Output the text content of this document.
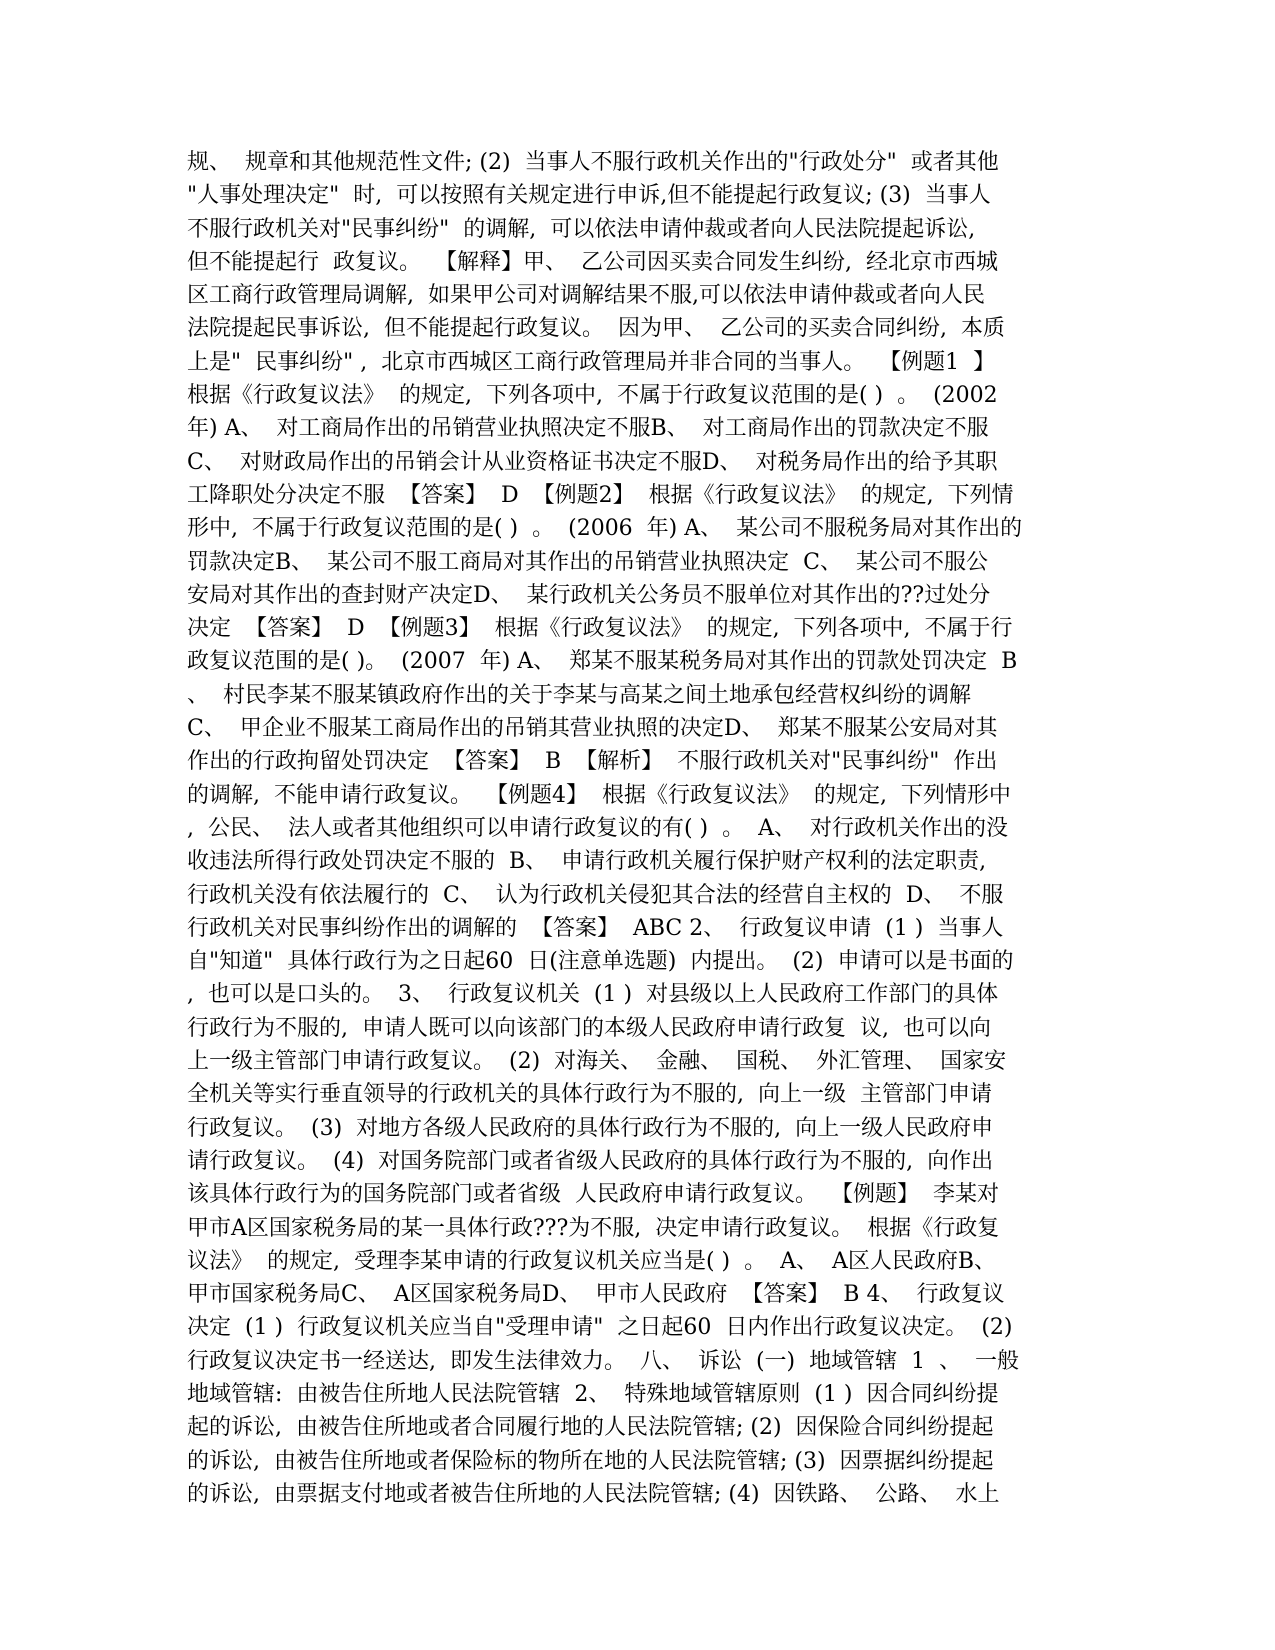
规、  规章和其他规范性文件; (2)  当事人不服行政机关作出的"行政处分"  或者其他
"人事处理决定"  时,  可以按照有关规定进行申诉,但不能提起行政复议; (3)  当事人
不服行政机关对"民事纠纷"  的调解,  可以依法申请仲裁或者向人民法院提起诉讼,
但不能提起行  政复议。  【解释】甲、  乙公司因买卖合同发生纠纷,  经北京市西城
区工商行政管理局调解,  如果甲公司对调解结果不服,可以依法申请仲裁或者向人民
法院提起民事诉讼,  但不能提起行政复议。  因为甲、  乙公司的买卖合同纠纷,  本质
上是"  民事纠纷" ,  北京市西城区工商行政管理局并非合同的当事人。  【例题1  】
根据《行政复议法》  的规定,  下列各项中,  不属于行政复议范围的是( )  。  (2002
年) A、  对工商局作出的吊销营业执照决定不服B、  对工商局作出的罚款决定不服
C、  对财政局作出的吊销会计从业资格证书决定不服D、  对税务局作出的给予其职
工降职处分决定不服  【答案】  D  【例题2】  根据《行政复议法》  的规定,  下列情
形中,  不属于行政复议范围的是( )  。  (2006  年) A、  某公司不服税务局对其作出的
罚款决定B、  某公司不服工商局对其作出的吊销营业执照决定  C、  某公司不服公
安局对其作出的查封财产决定D、  某行政机关公务员不服单位对其作出的??过处分
决定  【答案】  D  【例题3】  根据《行政复议法》  的规定,  下列各项中,  不属于行
政复议范围的是( )。  (2007  年) A、  郑某不服某税务局对其作出的罚款处罚决定  B
、  村民李某不服某镇政府作出的关于李某与高某之间土地承包经营权纠纷的调解
C、  甲企业不服某工商局作出的吊销其营业执照的决定D、  郑某不服某公安局对其
作出的行政拘留处罚决定  【答案】  B  【解析】  不服行政机关对"民事纠纷"  作出
的调解,  不能申请行政复议。  【例题4】  根据《行政复议法》  的规定,  下列情形中
,  公民、  法人或者其他组织可以申请行政复议的有( )  。  A、  对行政机关作出的没
收违法所得行政处罚决定不服的  B、  申请行政机关履行保护财产权利的法定职责,
行政机关没有依法履行的  C、  认为行政机关侵犯其合法的经营自主权的  D、  不服
行政机关对民事纠纷作出的调解的  【答案】  ABC 2、  行政复议申请  (1 )  当事人
自"知道"  具体行政行为之日起60  日(注意单选题)  内提出。  (2)  申请可以是书面的
,  也可以是口头的。  3、  行政复议机关  (1 )  对县级以上人民政府工作部门的具体
行政行为不服的,  申请人既可以向该部门的本级人民政府申请行政复  议,  也可以向
上一级主管部门申请行政复议。  (2)  对海关、  金融、  国税、  外汇管理、  国家安
全机关等实行垂直领导的行政机关的具体行政行为不服的,  向上一级  主管部门申请
行政复议。  (3)  对地方各级人民政府的具体行政行为不服的,  向上一级人民政府申
请行政复议。  (4)  对国务院部门或者省级人民政府的具体行政行为不服的,  向作出
该具体行政行为的国务院部门或者省级  人民政府申请行政复议。  【例题】  李某对
甲市A区国家税务局的某一具体行政???为不服,  决定申请行政复议。  根据《行政复
议法》  的规定,  受理李某申请的行政复议机关应当是( )  。  A、  A区人民政府B、
甲市国家税务局C、  A区国家税务局D、  甲市人民政府  【答案】  B 4、  行政复议
决定  (1 )  行政复议机关应当自"受理申请"  之日起60  日内作出行政复议决定。  (2)
行政复议决定书一经送达,  即发生法律效力。  八、  诉讼  (一)  地域管辖  1  、  一般
地域管辖:  由被告住所地人民法院管辖  2、  特殊地域管辖原则  (1 )  因合同纠纷提
起的诉讼,  由被告住所地或者合同履行地的人民法院管辖; (2)  因保险合同纠纷提起
的诉讼,  由被告住所地或者保险标的物所在地的人民法院管辖; (3)  因票据纠纷提起
的诉讼,  由票据支付地或者被告住所地的人民法院管辖; (4)  因铁路、  公路、  水上
